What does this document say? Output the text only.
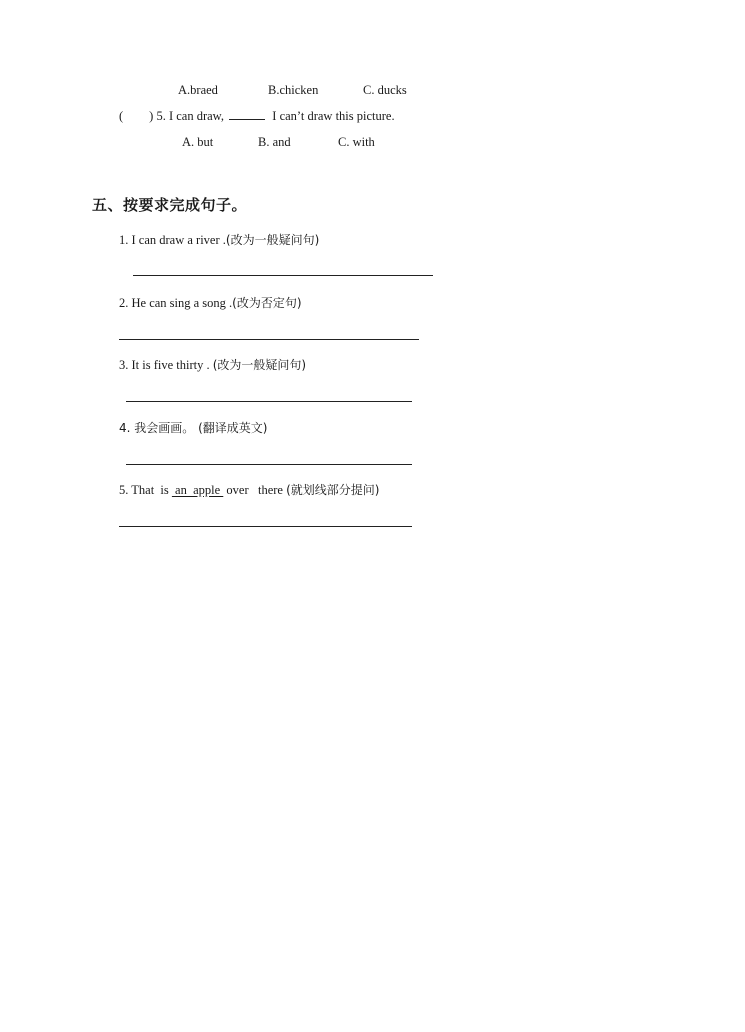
A.braed	B.chicken	C. ducks
( ) 5. I can draw,	I can’t draw this picture.
A. but	B. and	C. with
五、按要求完成句子。
1. I can draw a river .(改为一般疑问句)
2. He can sing a song .(改为否定句)
3. It is five thirty . (改为一般疑问句)
4. 我会画画。 (翻译成英文)
5. That  is  an  apple  over   there (就划线部分提问)
